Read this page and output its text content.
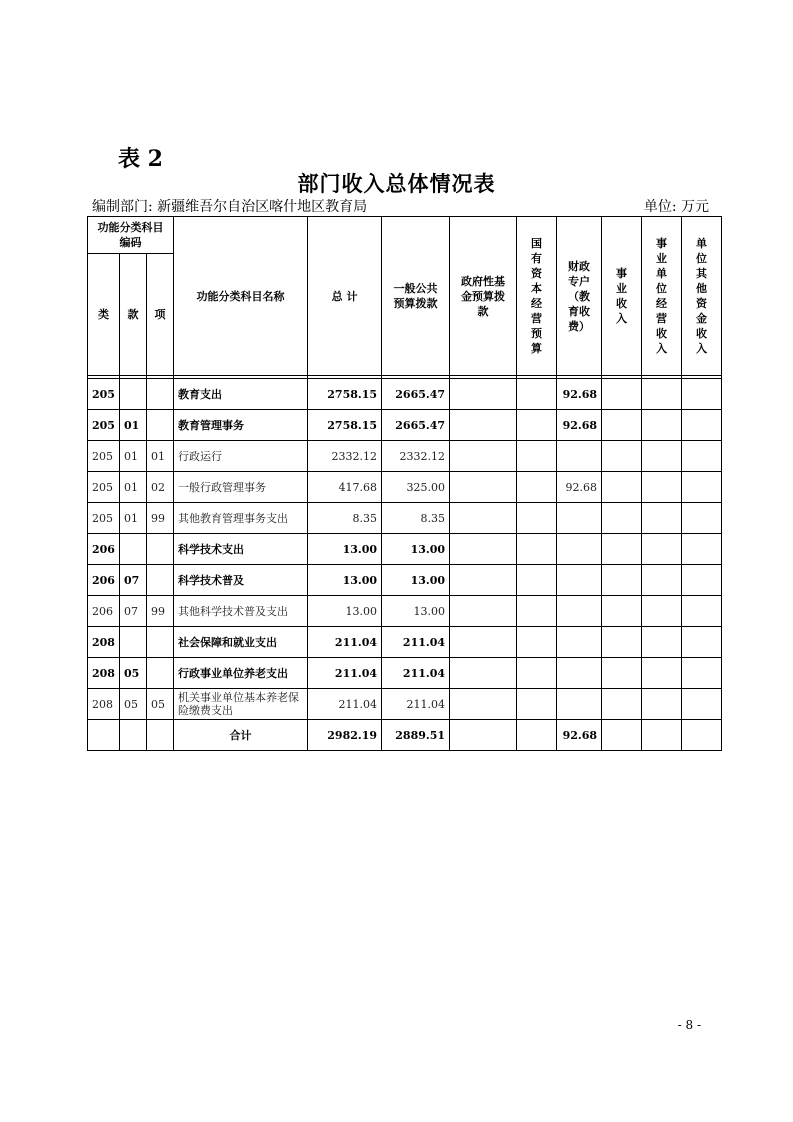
表 2
部门收入总体情况表
编制部门: 新疆维吾尔自治区喀什地区教育局	单位: 万元
功能分类科目编码			功能分类科目名称	总 计	一般公共预算拨款	政府性基金预算拨款	国有资本经营预算	财政专户（教育收费）	事业收入	事业单位经营收入	单位其他资金收入
类	款	项									

205			教育支出	2758.15	2665.47			92.68			
205	01		教育管理事务	2758.15	2665.47			92.68			
205	01	01	行政运行	2332.12	2332.12						
205	01	02	一般行政管理事务	417.68	325.00			92.68			
205	01	99	其他教育管理事务支出	8.35	8.35						
206			科学技术支出	13.00	13.00						
206	07		科学技术普及	13.00	13.00						
206	07	99	其他科学技术普及支出	13.00	13.00						
208			社会保障和就业支出	211.04	211.04						
208	05		行政事业单位养老支出	211.04	211.04						
208	05	05	机关事业单位基本养老保险缴费支出	211.04	211.04						
			合计	2982.19	2889.51			92.68			
- 8 -
